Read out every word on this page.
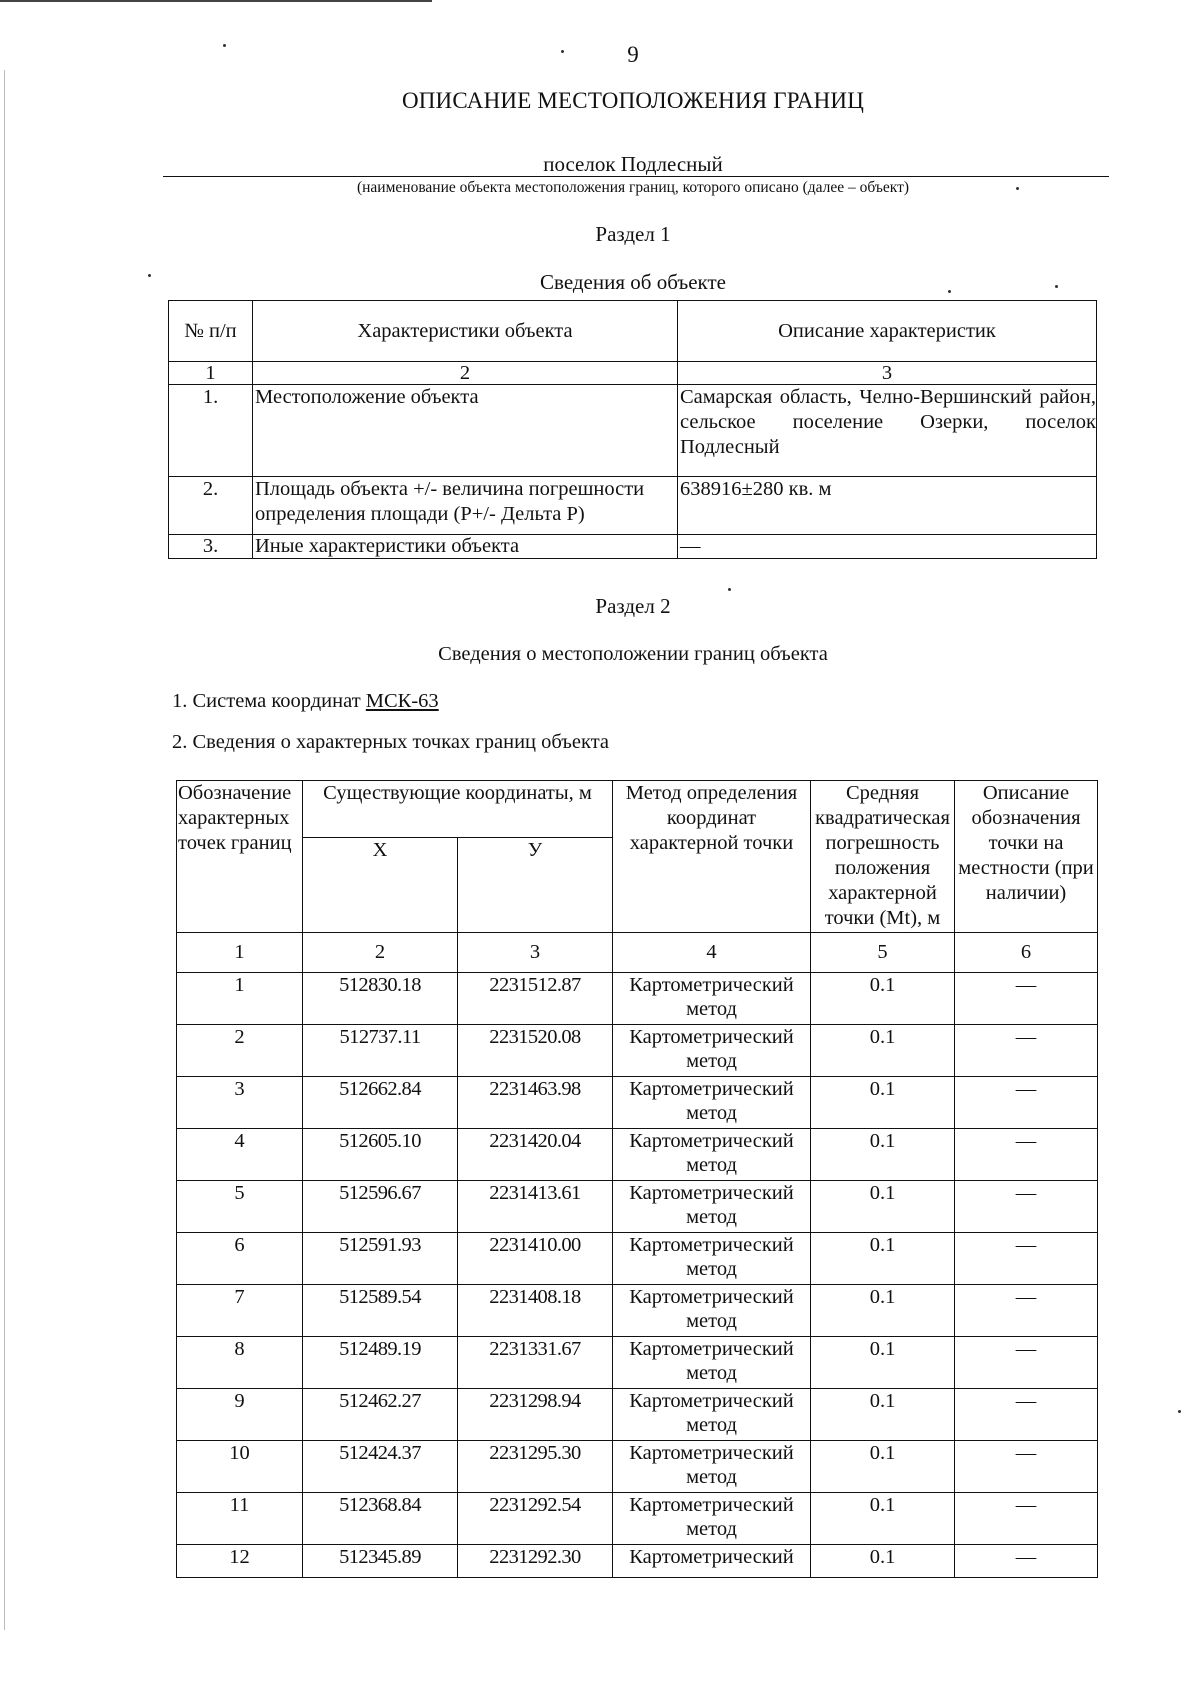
9
ОПИСАНИЕ МЕСТОПОЛОЖЕНИЯ ГРАНИЦ
поселок Подлесный
(наименование объекта местоположения границ, которого описано (далее – объект)
Раздел 1
Сведения об объекте
№ п/п	Характеристики объекта	Описание характеристик
1	2	3
1.	Местоположение объекта	Самарская область, Челно-Вершинский район, сельское поселение Озерки, поселок Подлесный
2.	Площадь объекта +/- величина погрешности определения площади (P+/- Дельта P)	638916±280 кв. м
3.	Иные характеристики объекта	—
Раздел 2
Сведения о местоположении границ объекта
1. Система координат МСК-63
2. Сведения о характерных точках границ объекта
Обозначение характерных точек границ	Существующие координаты, м		Метод определения координат характерной точки	Средняя квадратическая погрешность положения характерной точки (Mt), м	Описание обозначения точки на местности (при наличии)
	X	У			
1	2	3	4	5	6
1	512830.18	2231512.87	Картометрический метод	0.1	—
2	512737.11	2231520.08	Картометрический метод	0.1	—
3	512662.84	2231463.98	Картометрический метод	0.1	—
4	512605.10	2231420.04	Картометрический метод	0.1	—
5	512596.67	2231413.61	Картометрический метод	0.1	—
6	512591.93	2231410.00	Картометрический метод	0.1	—
7	512589.54	2231408.18	Картометрический метод	0.1	—
8	512489.19	2231331.67	Картометрический метод	0.1	—
9	512462.27	2231298.94	Картометрический метод	0.1	—
10	512424.37	2231295.30	Картометрический метод	0.1	—
11	512368.84	2231292.54	Картометрический метод	0.1	—
12	512345.89	2231292.30	Картометрический	0.1	—
